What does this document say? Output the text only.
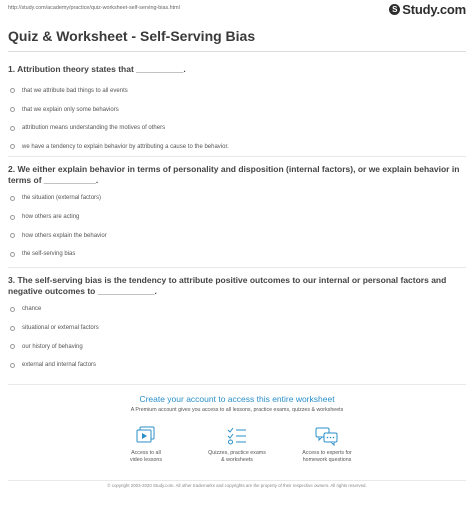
http://study.com/academy/practice/quiz-worksheet-self-serving-bias.html	S Study.com
Quiz & Worksheet - Self-Serving Bias

1. Attribution theory states that __________.

that we attribute bad things to all events
that we explain only some behaviors
attribution means understanding the motives of others
we have a tendency to explain behavior by attributing a cause to the behavior.

2. We either explain behavior in terms of personality and disposition (internal factors), or we explain behavior in terms of ___________.

the situation (external factors)
how others are acting
how others explain the behavior
the self-serving bias

3. The self-serving bias is the tendency to attribute positive outcomes to our internal or personal factors and negative outcomes to ____________.

chance
situational or external factors
our history of behaving
external and internal factors
Create your account to access this entire worksheet
A Premium account gives you access to all lessons, practice exams, quizzes & worksheets
Access to all
video lessons
Quizzes, practice exams
& worksheets
Access to experts for
homework questions
© copyright 2003-2020 Study.com. All other trademarks and copyrights are the property of their respective owners. All rights reserved.
